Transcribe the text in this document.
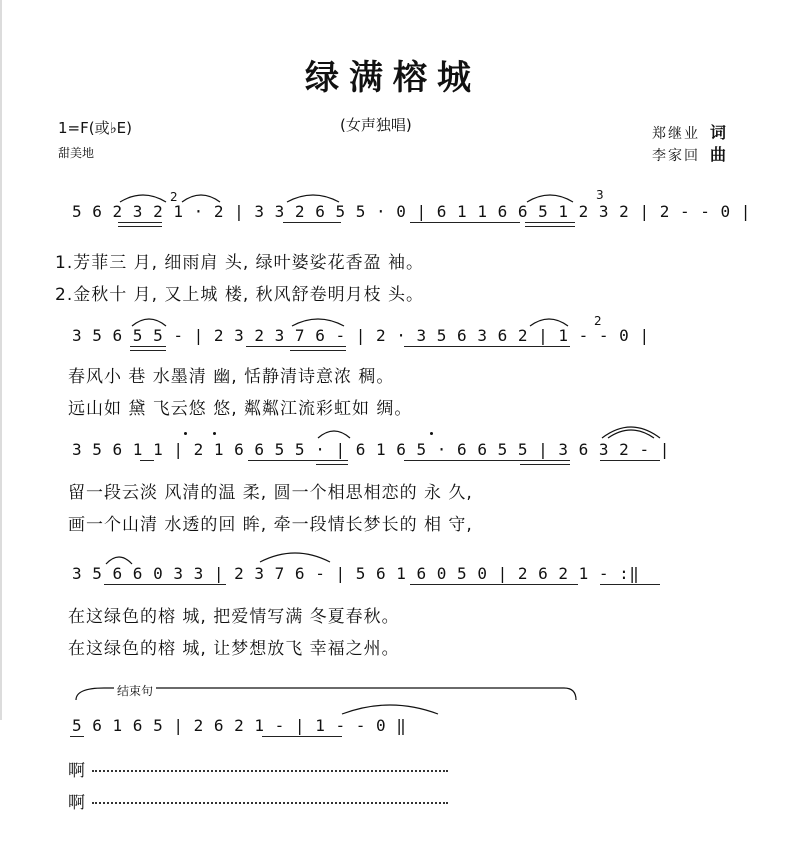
绿满榕城
1=F(或♭E)
甜美地
(女声独唱)	郑继业 词
李家回 曲
2	3
5 6 2 3 2 1 · 2 | 3 3 2 6 5 5 · 0 | 6 1 1 6 6 5 1 2 3 2 | 2 - - 0 |
1.芳菲三 月, 细雨肩 头, 绿叶婆娑花香盈 袖。
2.金秋十 月, 又上城 楼, 秋风舒卷明月枝 头。
2
3 5 6 5 5 - | 2 3 2 3 7 6 - | 2 · 3 5 6 3 6 2 | 1 - - 0 |
春风小 巷 水墨清 幽, 恬静清诗意浓 稠。
远山如 黛 飞云悠 悠, 粼粼江流彩虹如 绸。
3 5 6 1 1 | 2 1 6 6 5 5 · | 6 1 6 5 · 6 6 5 5 | 3 6 3 2 - |
留一段云淡 风清的温 柔, 圆一个相思相恋的 永 久,
画一个山清 水透的回 眸, 牵一段情长梦长的 相 守,
3 5 6 6 0 3 3 | 2 3 7 6 - | 5 6 1 6 0 5 0 | 2 6 2 1 - :‖
在这绿色的榕 城, 把爱情写满 冬夏春秋。
在这绿色的榕 城, 让梦想放飞 幸福之州。
结束句
5 6 1 6 5 | 2 6 2 1 - | 1 - - 0 ‖
啊
啊
